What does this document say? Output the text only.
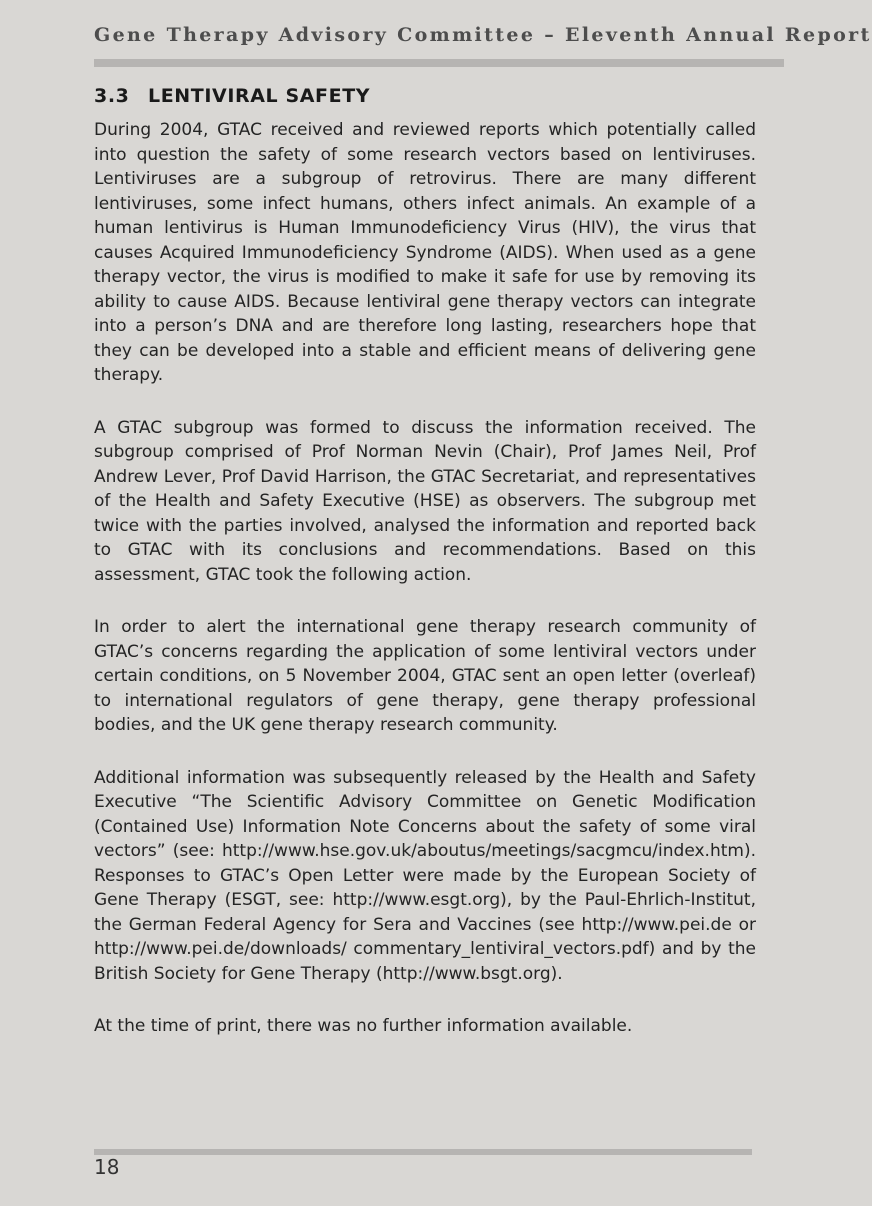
Gene Therapy Advisory Committee – Eleventh Annual Report
3.3 LENTIVIRAL SAFETY

During 2004, GTAC received and reviewed reports which potentially called into question the safety of some research vectors based on lentiviruses. Lentiviruses are a subgroup of retrovirus. There are many different lentiviruses, some infect humans, others infect animals. An example of a human lentivirus is Human Immunodeficiency Virus (HIV), the virus that causes Acquired Immunodeficiency Syndrome (AIDS). When used as a gene therapy vector, the virus is modified to make it safe for use by removing its ability to cause AIDS. Because lentiviral gene therapy vectors can integrate into a person’s DNA and are therefore long lasting, researchers hope that they can be developed into a stable and efficient means of delivering gene therapy.

A GTAC subgroup was formed to discuss the information received. The subgroup comprised of Prof Norman Nevin (Chair), Prof James Neil, Prof Andrew Lever, Prof David Harrison, the GTAC Secretariat, and representatives of the Health and Safety Executive (HSE) as observers. The subgroup met twice with the parties involved, analysed the information and reported back to GTAC with its conclusions and recommendations. Based on this assessment, GTAC took the following action.

In order to alert the international gene therapy research community of GTAC’s concerns regarding the application of some lentiviral vectors under certain conditions, on 5 November 2004, GTAC sent an open letter (overleaf) to international regulators of gene therapy, gene therapy professional bodies, and the UK gene therapy research community.

Additional information was subsequently released by the Health and Safety Executive “The Scientific Advisory Committee on Genetic Modification (Contained Use) Information Note Concerns about the safety of some viral vectors” (see: http://www.hse.gov.uk/aboutus/meetings/sacgmcu/index.htm). Responses to GTAC’s Open Letter were made by the European Society of Gene Therapy (ESGT, see: http://www.esgt.org), by the Paul-Ehrlich-Institut, the German Federal Agency for Sera and Vaccines (see http://www.pei.de or http://www.pei.de/downloads/ commentary_lentiviral_vectors.pdf) and by the British Society for Gene Therapy (http://www.bsgt.org).

At the time of print, there was no further information available.

18
